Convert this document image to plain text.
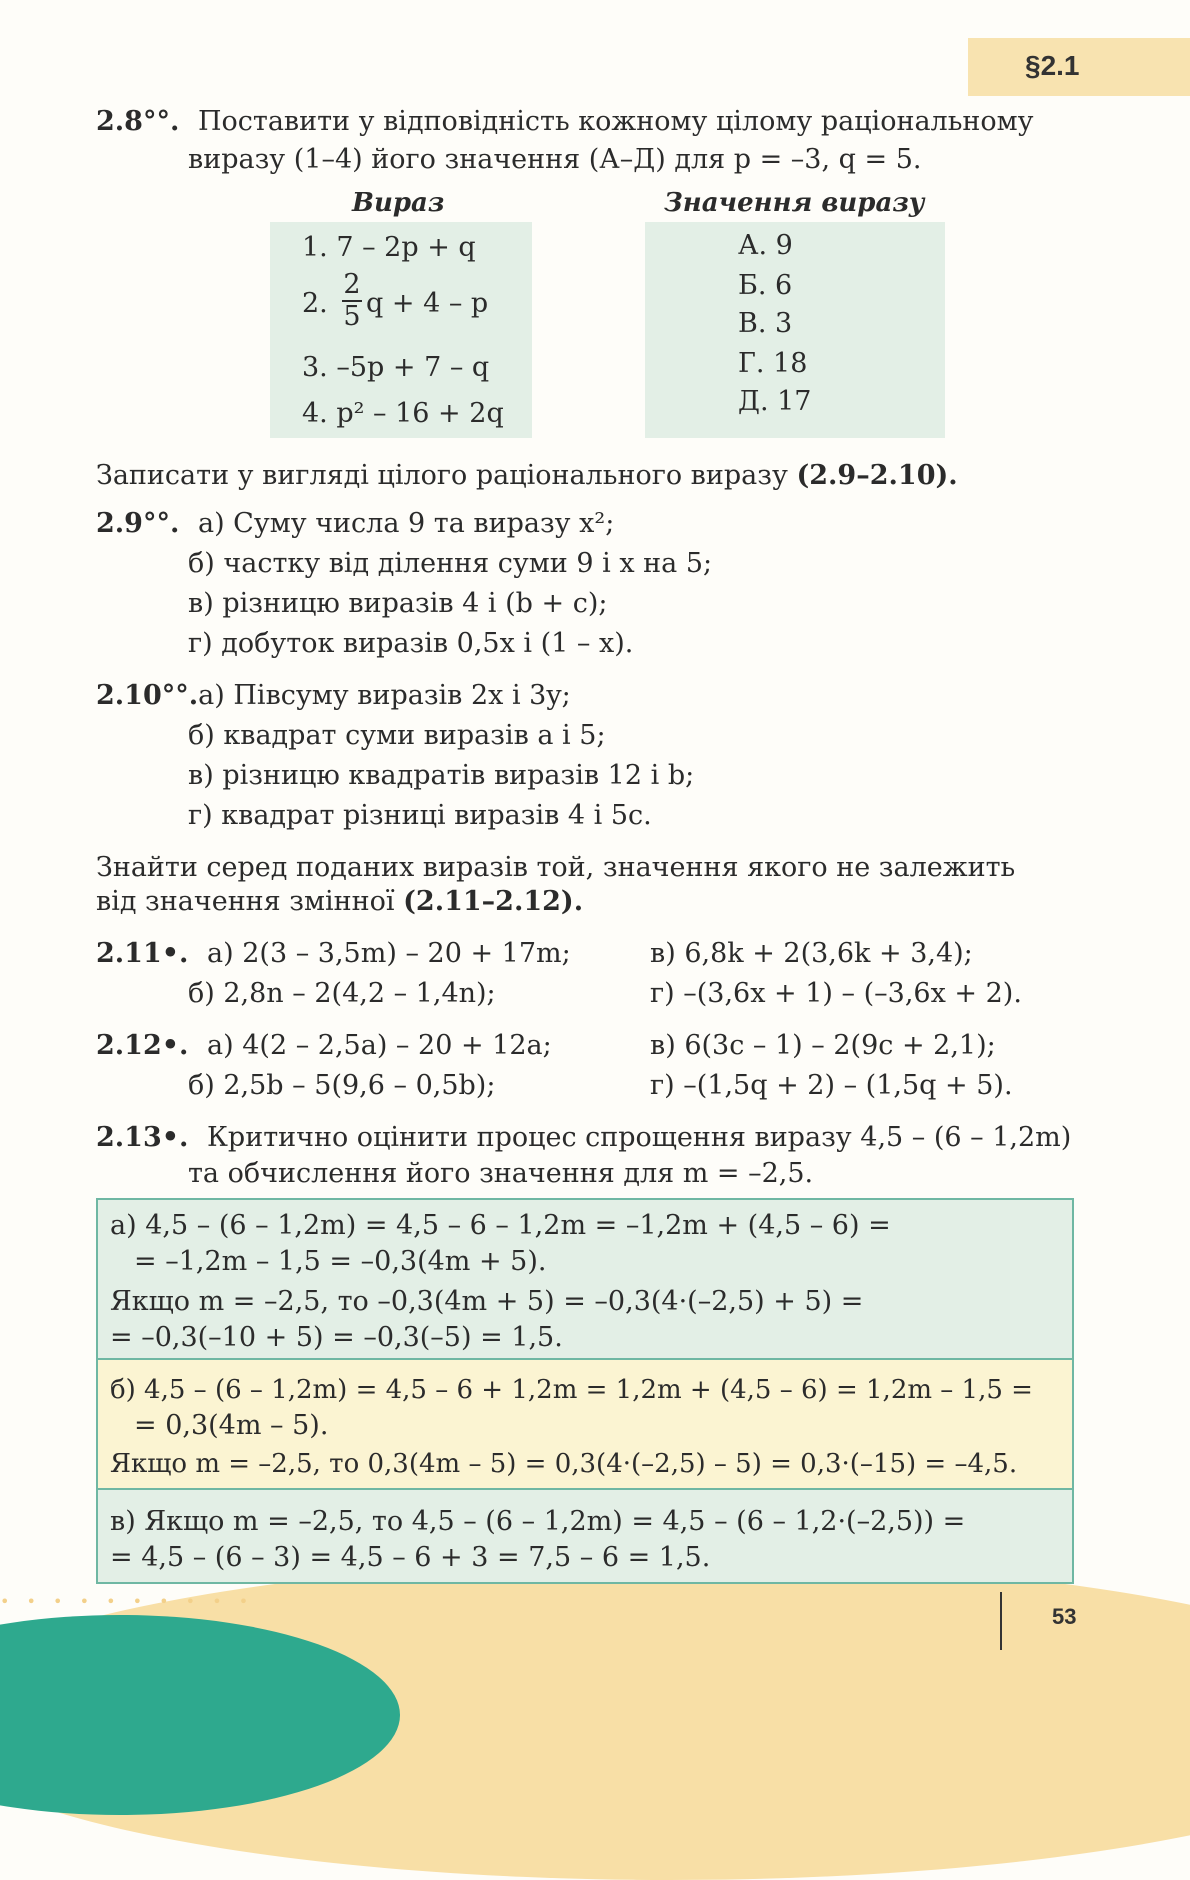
• • • • • • • • • •
§2.1
2.8°°. Поставити у відповідність кожному цілому раціональному
виразу (1–4) його значення (А–Д) для p = –3, q = 5.
Вираз	Значення виразу
1. 7 – 2p + q
2.
2
5 q + 4 – p
3. –5p + 7 – q
4. p² – 16 + 2q
А. 9
Б. 6
В. 3
Г. 18
Д. 17
Записати у вигляді цілого раціонального виразу (2.9–2.10).
2.9°°. а) Суму числа 9 та виразу x²;
б) частку від ділення суми 9 і x на 5;
в) різницю виразів 4 і (b + c);
г) добуток виразів 0,5x і (1 – x).
2.10°°.а) Півсуму виразів 2x і 3y;
б) квадрат суми виразів a і 5;
в) різницю квадратів виразів 12 і b;
г) квадрат різниці виразів 4 і 5c.
Знайти серед поданих виразів той, значення якого не залежить
від значення змінної (2.11–2.12).
2.11•. а) 2(3 – 3,5m) – 20 + 17m;
б) 2,8n – 2(4,2 – 1,4n);
в) 6,8k + 2(3,6k + 3,4);
г) –(3,6x + 1) – (–3,6x + 2).
2.12•. а) 4(2 – 2,5a) – 20 + 12a;
б) 2,5b – 5(9,6 – 0,5b);
в) 6(3c – 1) – 2(9c + 2,1);
г) –(1,5q + 2) – (1,5q + 5).
2.13•. Критично оцінити процес спрощення виразу 4,5 – (6 – 1,2m)
та обчислення його значення для m = –2,5.
а) 4,5 – (6 – 1,2m) = 4,5 – 6 – 1,2m = –1,2m + (4,5 – 6) =
= –1,2m – 1,5 = –0,3(4m + 5).
Якщо m = –2,5, то –0,3(4m + 5) = –0,3(4·(–2,5) + 5) =
= –0,3(–10 + 5) = –0,3(–5) = 1,5.
б) 4,5 – (6 – 1,2m) = 4,5 – 6 + 1,2m = 1,2m + (4,5 – 6) = 1,2m – 1,5 =
= 0,3(4m – 5).
Якщо m = –2,5, то 0,3(4m – 5) = 0,3(4·(–2,5) – 5) = 0,3·(–15) = –4,5.
в) Якщо m = –2,5, то 4,5 – (6 – 1,2m) = 4,5 – (6 – 1,2·(–2,5)) =
= 4,5 – (6 – 3) = 4,5 – 6 + 3 = 7,5 – 6 = 1,5.
53
